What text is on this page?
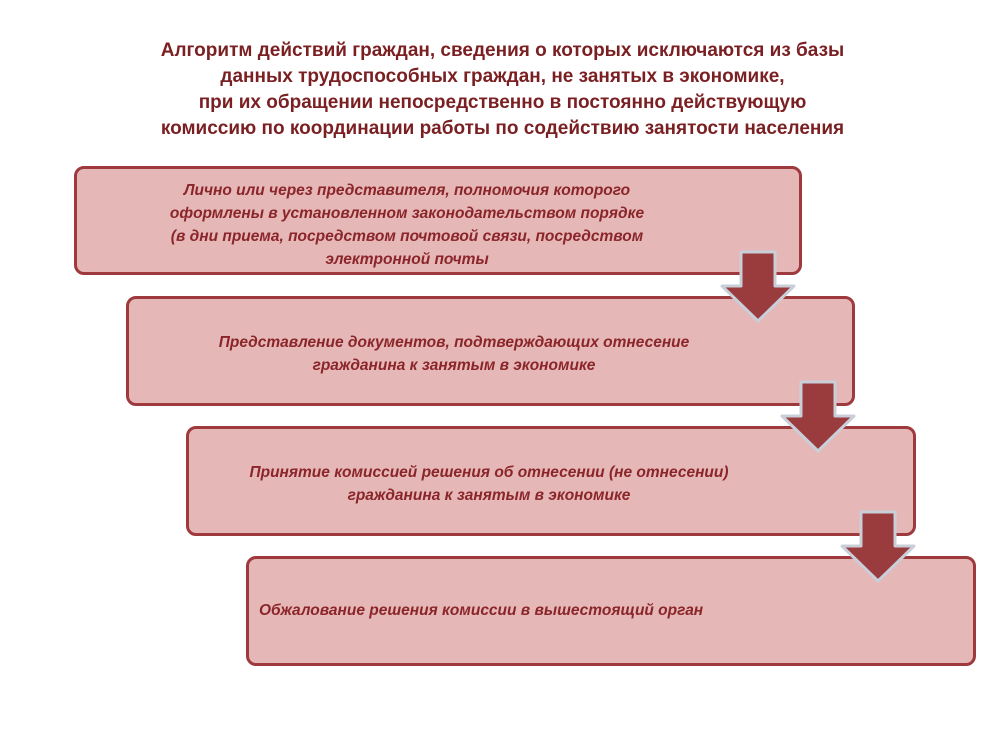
Алгоритм действий граждан, сведения о которых исключаются из базы
данных трудоспособных граждан, не занятых в экономике,
при их обращении непосредственно в постоянно действующую
комиссию по координации работы по содействию занятости населения
Лично или через представителя, полномочия которого
оформлены в установленном законодательством порядке
(в дни приема, посредством почтовой связи, посредством
электронной почты
Представление документов, подтверждающих отнесение
гражданина к занятым в экономике
Принятие комиссией решения об отнесении (не отнесении)
гражданина к занятым в экономике
Обжалование решения комиссии в вышестоящий орган
